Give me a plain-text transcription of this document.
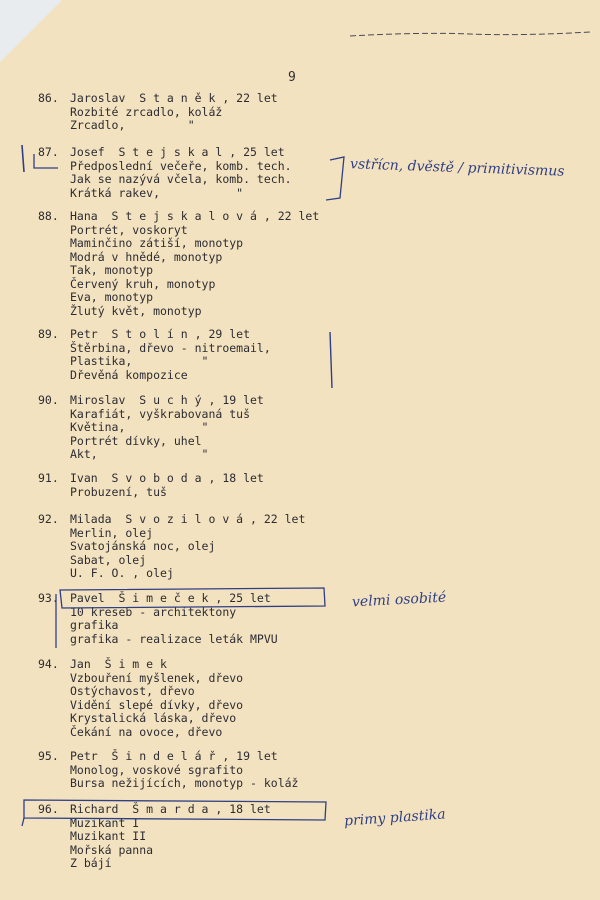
9
86. Jaroslav  S t a n ě k , 22 let
Rozbité zrcadlo, koláž
Zrcadlo,         "
87. Josef  S t e j s k a l , 25 let
Předposlední večeře, komb. tech.
Jak se nazývá včela, komb. tech.
Krátká rakev,           "
88. Hana  S t e j s k a l o v á , 22 let
Portrét, voskoryt
Maminčino zátiší, monotyp
Modrá v hnědé, monotyp
Tak, monotyp
Červený kruh, monotyp
Eva, monotyp
Žlutý květ, monotyp
89. Petr  S t o l í n , 29 let
Štěrbina, dřevo - nitroemail,
Plastika,          "
Dřevěná kompozice
90. Miroslav  S u c h ý , 19 let
Karafiát, vyškrabovaná tuš
Květina,           "
Portrét dívky, uhel
Akt,               "
91. Ivan  S v o b o d a , 18 let
Probuzení, tuš
92. Milada  S v o z i l o v á , 22 let
Merlin, olej
Svatojánská noc, olej
Sabat, olej
U. F. O. , olej
93. Pavel  Š i m e č e k , 25 let
10 kreseb - architektony
grafika
grafika - realizace leták MPVU
94. Jan  Š i m e k
Vzbouření myšlenek, dřevo
Ostýchavost, dřevo
Vidění slepé dívky, dřevo
Krystalická láska, dřevo
Čekání na ovoce, dřevo
95. Petr  Š i n d e l á ř , 19 let
Monolog, voskové sgrafito
Bursa nežijících, monotyp - koláž
96. Richard  Š m a r d a , 18 let
Muzikant I
Muzikant II
Mořská panna
Z bájí
vstřícn, dvěstě / primitivismus
velmi osobité
primy plastika
